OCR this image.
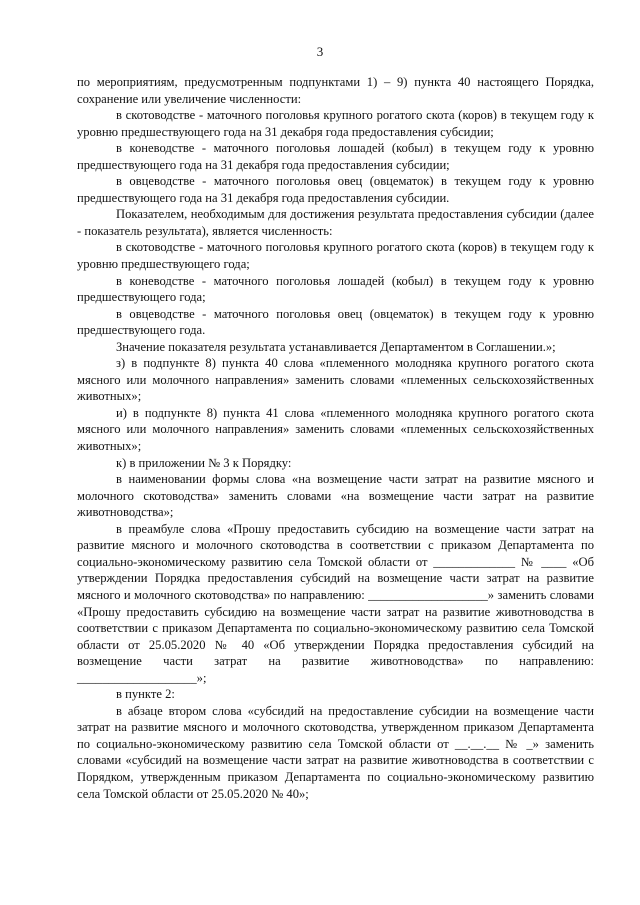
3

по мероприятиям, предусмотренным подпунктами 1) – 9) пункта 40 настоящего Порядка, сохранение или увеличение численности:

в скотоводстве - маточного поголовья крупного рогатого скота (коров) в текущем году к уровню предшествующего года на 31 декабря года предоставления субсидии;

в коневодстве - маточного поголовья лошадей (кобыл) в текущем году к уровню предшествующего года на 31 декабря года предоставления субсидии;

в овцеводстве - маточного поголовья овец (овцематок) в текущем году к уровню предшествующего года на 31 декабря года предоставления субсидии.

Показателем, необходимым для достижения результата предоставления субсидии (далее - показатель результата), является численность:

в скотоводстве - маточного поголовья крупного рогатого скота (коров) в текущем году к уровню предшествующего года;

в коневодстве - маточного поголовья лошадей (кобыл) в текущем году к уровню предшествующего года;

в овцеводстве - маточного поголовья овец (овцематок) в текущем году к уровню предшествующего года.

Значение показателя результата устанавливается Департаментом в Соглашении.»;

з) в подпункте 8) пункта 40 слова «племенного молодняка крупного рогатого скота мясного или молочного направления» заменить словами «племенных сельскохозяйственных животных»;

и) в подпункте 8) пункта 41 слова «племенного молодняка крупного рогатого скота мясного или молочного направления» заменить словами «племенных сельскохозяйственных животных»;

к) в приложении № 3 к Порядку:

в наименовании формы слова «на возмещение части затрат на развитие мясного и молочного скотоводства» заменить словами «на возмещение части затрат на развитие животноводства»;

в преамбуле слова «Прошу предоставить субсидию на возмещение части затрат на развитие мясного и молочного скотоводства в соответствии с приказом Департамента по социально-экономическому развитию села Томской области от _____________ № ____ «Об утверждении Порядка предоставления субсидий на возмещение части затрат на развитие мясного и молочного скотоводства» по направлению: ___________________» заменить словами «Прошу предоставить субсидию на возмещение части затрат на развитие животноводства в соответствии с приказом Департамента по социально-экономическому развитию села Томской области от 25.05.2020 № 40 «Об утверждении Порядка предоставления субсидий на возмещение части затрат на развитие животноводства» по направлению: ___________________»;

в пункте 2:

в абзаце втором слова «субсидий на предоставление субсидии на возмещение части затрат на развитие мясного и молочного скотоводства, утвержденном приказом Департамента по социально-экономическому развитию села Томской области от __.__.__ № _» заменить словами «субсидий на возмещение части затрат на развитие животноводства в соответствии с Порядком, утвержденным приказом Департамента по социально-экономическому развитию села Томской области от 25.05.2020 № 40»;
